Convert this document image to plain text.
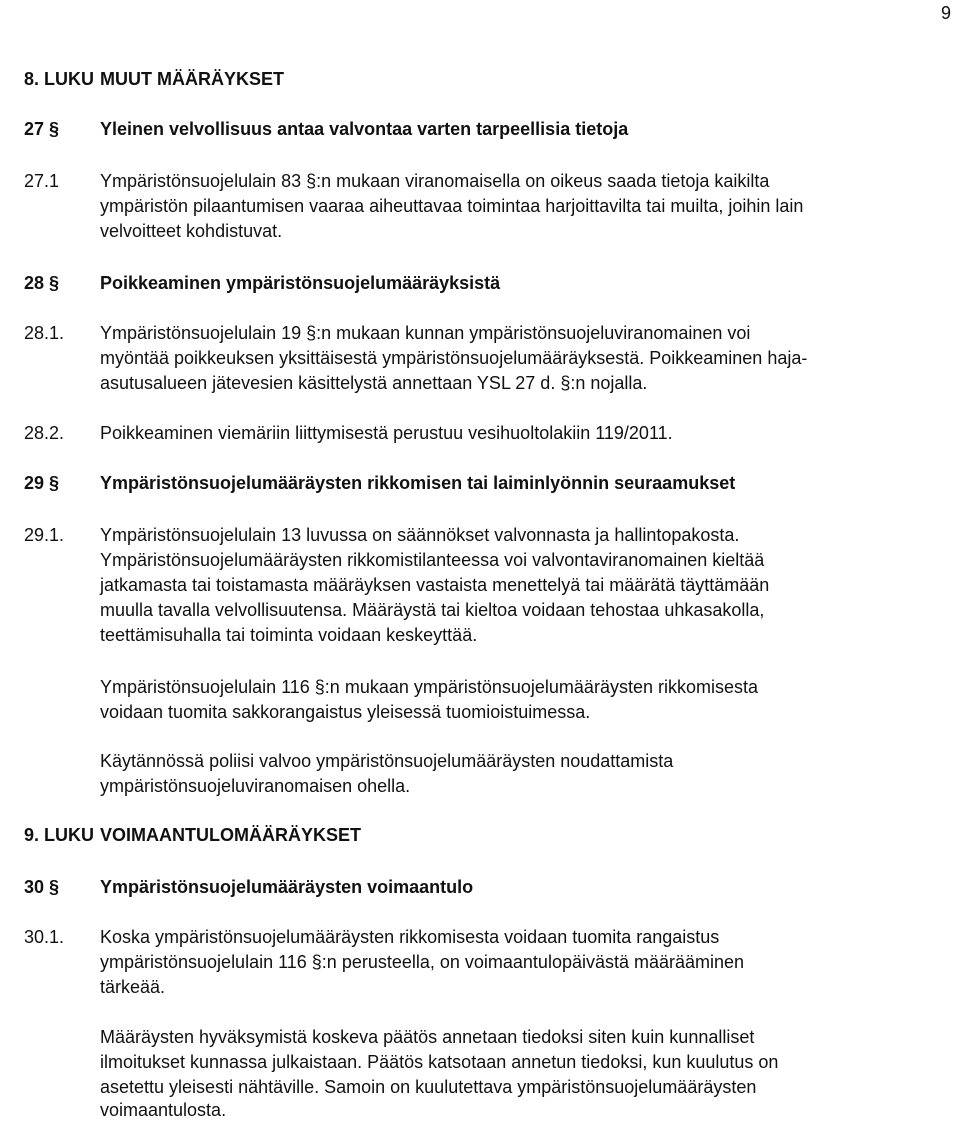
9
8. LUKU MUUT MÄÄRÄYKSET
27 § Yleinen velvollisuus antaa valvontaa varten tarpeellisia tietoja
27.1 Ympäristönsuojelulain 83 §:n mukaan viranomaisella on oikeus saada tietoja kaikilta
ympäristön pilaantumisen vaaraa aiheuttavaa toimintaa harjoittavilta tai muilta, joihin lain
velvoitteet kohdistuvat.
28 § Poikkeaminen ympäristönsuojelumääräyksistä
28.1. Ympäristönsuojelulain 19 §:n mukaan kunnan ympäristönsuojeluviranomainen voi
myöntää poikkeuksen yksittäisestä ympäristönsuojelumääräyksestä. Poikkeaminen haja-
asutusalueen jätevesien käsittelystä annettaan YSL 27 d. §:n nojalla.
28.2. Poikkeaminen viemäriin liittymisestä perustuu vesihuoltolakiin 119/2011.
29 § Ympäristönsuojelumääräysten rikkomisen tai laiminlyönnin seuraamukset
29.1. Ympäristönsuojelulain 13 luvussa on säännökset valvonnasta ja hallintopakosta.
Ympäristönsuojelumääräysten rikkomistilanteessa voi valvontaviranomainen kieltää
jatkamasta tai toistamasta määräyksen vastaista menettelyä tai määrätä täyttämään
muulla tavalla velvollisuutensa. Määräystä tai kieltoa voidaan tehostaa uhkasakolla,
teettämisuhalla tai toiminta voidaan keskeyttää.
Ympäristönsuojelulain 116 §:n mukaan ympäristönsuojelumääräysten rikkomisesta
voidaan tuomita sakkorangaistus yleisessä tuomioistuimessa.
Käytännössä poliisi valvoo ympäristönsuojelumääräysten noudattamista
ympäristönsuojeluviranomaisen ohella.
9. LUKU VOIMAANTULOMÄÄRÄYKSET
30 § Ympäristönsuojelumääräysten voimaantulo
30.1. Koska ympäristönsuojelumääräysten rikkomisesta voidaan tuomita rangaistus
ympäristönsuojelulain 116 §:n perusteella, on voimaantulopäivästä määrääminen
tärkeää.
Määräysten hyväksymistä koskeva päätös annetaan tiedoksi siten kuin kunnalliset
ilmoitukset kunnassa julkaistaan. Päätös katsotaan annetun tiedoksi, kun kuulutus on
asetettu yleisesti nähtäville. Samoin on kuulutettava ympäristönsuojelumääräysten
voimaantulosta.
